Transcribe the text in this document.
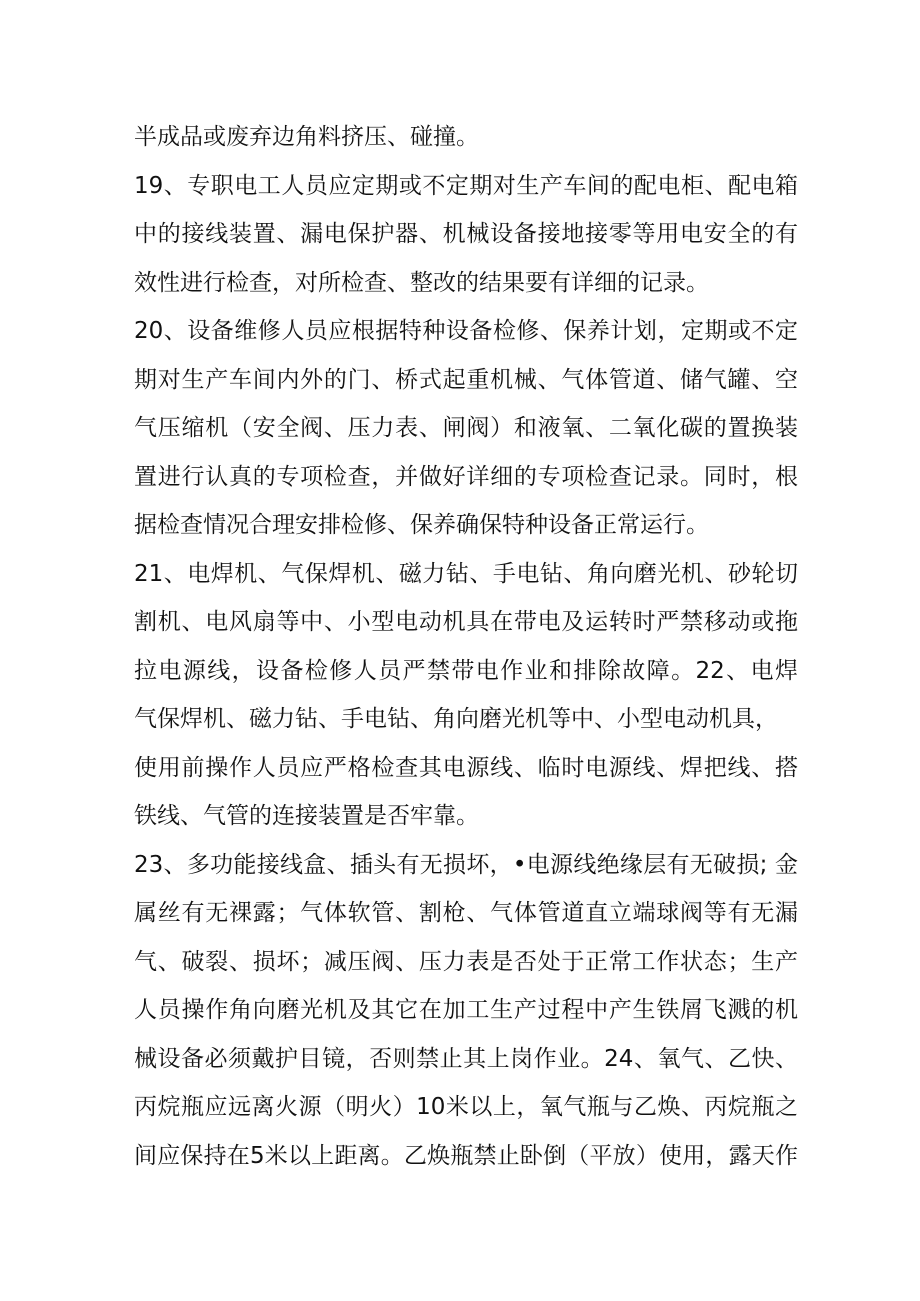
半成品或废弃边角料挤压、碰撞。
19、专职电工人员应定期或不定期对生产车间的配电柜、配电箱
中的接线装置、漏电保护器、机械设备接地接零等用电安全的有
效性进行检查，对所检查、整改的结果要有详细的记录。
20、设备维修人员应根据特种设备检修、保养计划，定期或不定
期对生产车间内外的门、桥式起重机械、气体管道、储气罐、空
气压缩机（安全阀、压力表、闸阀）和液氧、二氧化碳的置换装
置进行认真的专项检查，并做好详细的专项检查记录。同时，根
据检查情况合理安排检修、保养确保特种设备正常运行。
21、电焊机、气保焊机、磁力钻、手电钻、角向磨光机、砂轮切
割机、电风扇等中、小型电动机具在带电及运转时严禁移动或拖
拉电源线，设备检修人员严禁带电作业和排除故障。22、电焊
气保焊机、磁力钻、手电钻、角向磨光机等中、小型电动机具，
使用前操作人员应严格检查其电源线、临时电源线、焊把线、搭
铁线、气管的连接装置是否牢靠。
23、多功能接线盒、插头有无损坏，•电源线绝缘层有无破损; 金
属丝有无裸露；气体软管、割枪、气体管道直立端球阀等有无漏
气、破裂、损坏；减压阀、压力表是否处于正常工作状态；生产
人员操作角向磨光机及其它在加工生产过程中产生铁屑飞溅的机
械设备必须戴护目镜，否则禁止其上岗作业。24、氧气、乙快、
丙烷瓶应远离火源（明火）10米以上，氧气瓶与乙焕、丙烷瓶之
间应保持在5米以上距离。乙焕瓶禁止卧倒（平放）使用，露天作
